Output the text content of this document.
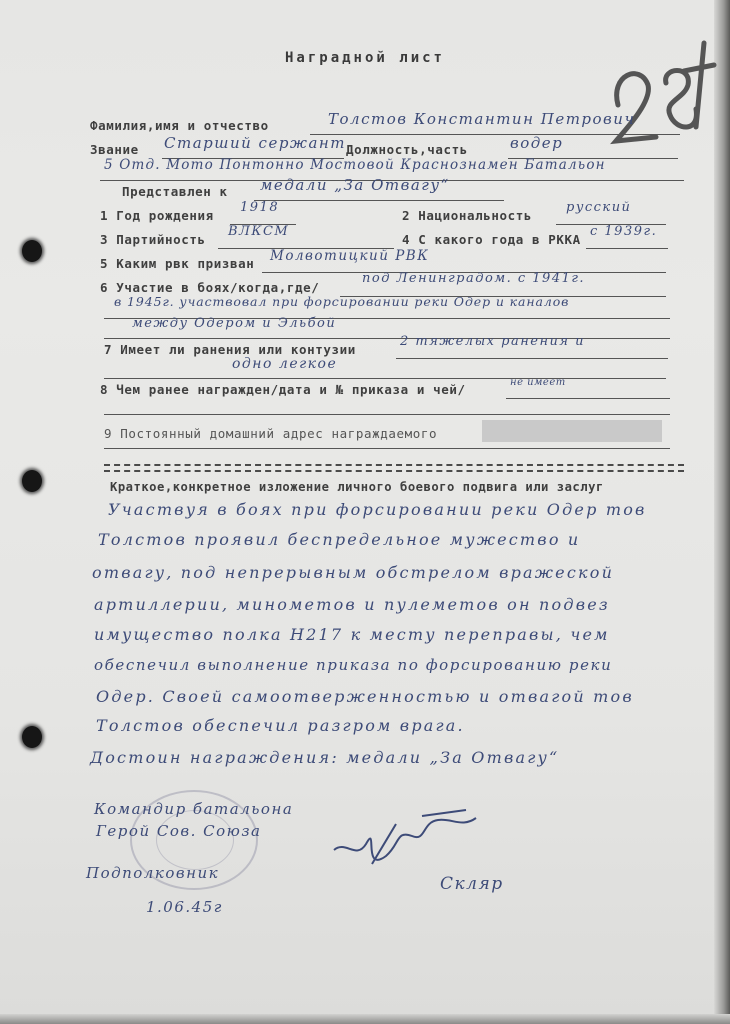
Наградной лист
Фамилия,имя и отчество	Толстов Константин Петрович
Звание Старший сержант Должность,часть	водер
5 Отд. Мото Понтонно Мостовой Краснознамен Батальон
Представлен к медали „За Отвагу“
1 Год рождения
1918
2 Национальность
русский
3 Партийность
ВЛКСМ
4 С какого года в РККА
с 1939г.
5 Каким рвк призван Молвотицкий РВК
6 Участие в боях/когда,где/
под Ленинградом. с 1941г.
в 1945г. участвовал при форсировании реки Одер и каналов
между Одером и Эльбой
7 Имеет ли ранения или контузии
2 тяжелых ранения и
одно легкое
8 Чем ранее награжден/дата и № приказа и чей/	не имеет
9 Постоянный домашний адрес награждаемого
Краткое,конкретное изложение личного боевого подвига или заслуг
Участвуя в боях при форсировании реки Одер тов
Толстов проявил беспредельное мужество и
отвагу, под непрерывным обстрелом вражеской
артиллерии, минометов и пулеметов он подвез
имущество полка Н217 к месту переправы, чем
обеспечил выполнение приказа по форсированию реки
Одер. Своей самоотверженностью и отвагой тов
Толстов обеспечил разгром врага.
Достоин награждения: медали „За Отвагу“
Командир батальона
Герой Сов. Союза
Подполковник
Скляр
1.06.45г
